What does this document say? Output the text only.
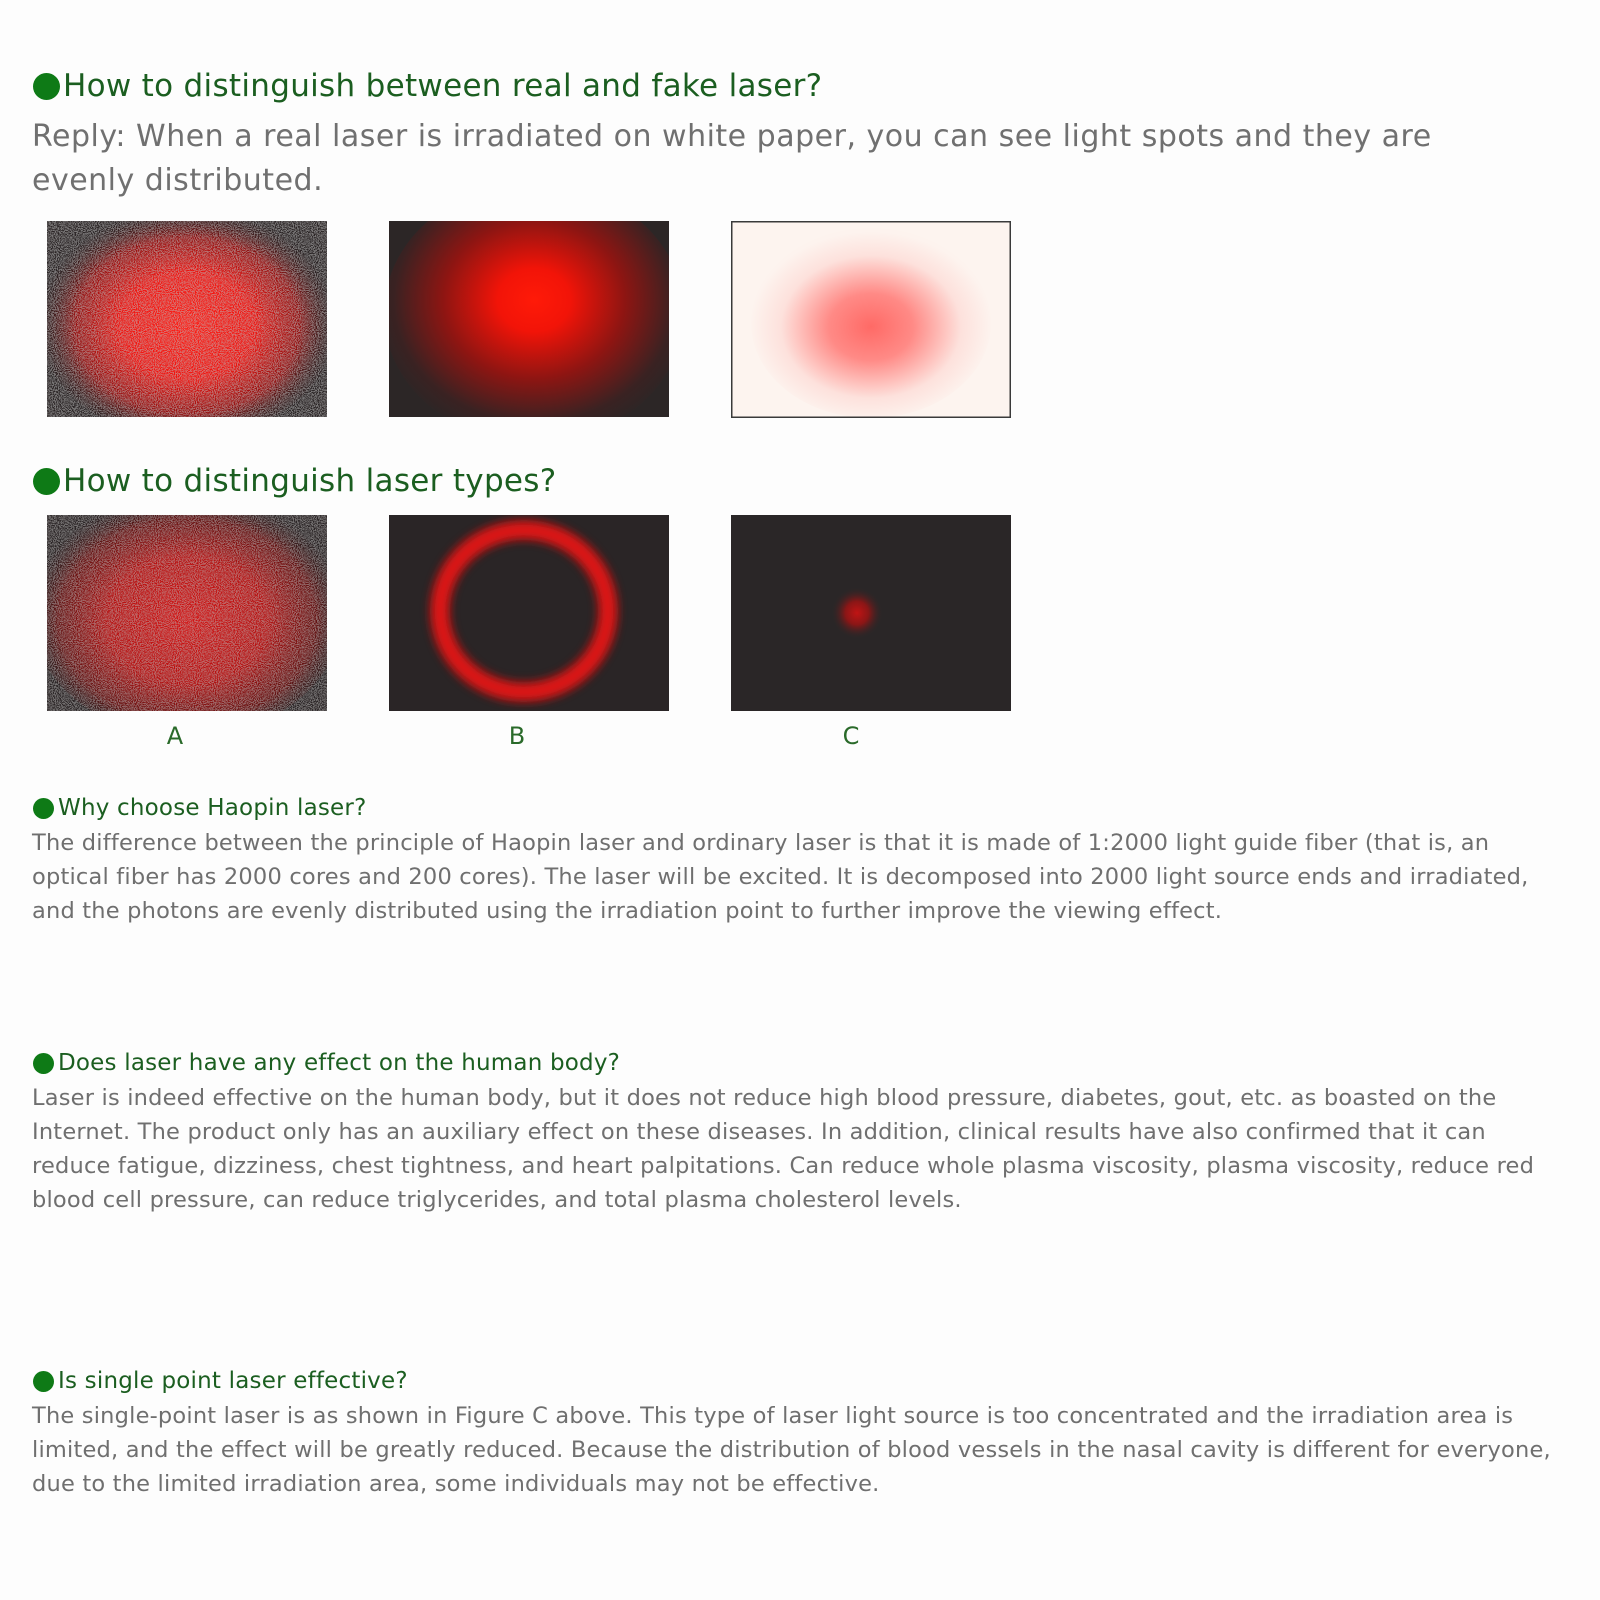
How to distinguish between real and fake laser?

Reply: When a real laser is irradiated on white paper, you can see light spots and they are evenly distributed.

How to distinguish laser types?

A	B	C

Why choose Haopin laser?

The difference between the principle of Haopin laser and ordinary laser is that it is made of 1:2000 light guide fiber (that is, an optical fiber has 2000 cores and 200 cores). The laser will be excited. It is decomposed into 2000 light source ends and irradiated, and the photons are evenly distributed using the irradiation point to further improve the viewing effect.

Does laser have any effect on the human body?

Laser is indeed effective on the human body, but it does not reduce high blood pressure, diabetes, gout, etc. as boasted on the Internet. The product only has an auxiliary effect on these diseases. In addition, clinical results have also confirmed that it can reduce fatigue, dizziness, chest tightness, and heart palpitations. Can reduce whole plasma viscosity, plasma viscosity, reduce red blood cell pressure, can reduce triglycerides, and total plasma cholesterol levels.

Is single point laser effective?

The single-point laser is as shown in Figure C above. This type of laser light source is too concentrated and the irradiation area is limited, and the effect will be greatly reduced. Because the distribution of blood vessels in the nasal cavity is different for everyone, due to the limited irradiation area, some individuals may not be effective.
